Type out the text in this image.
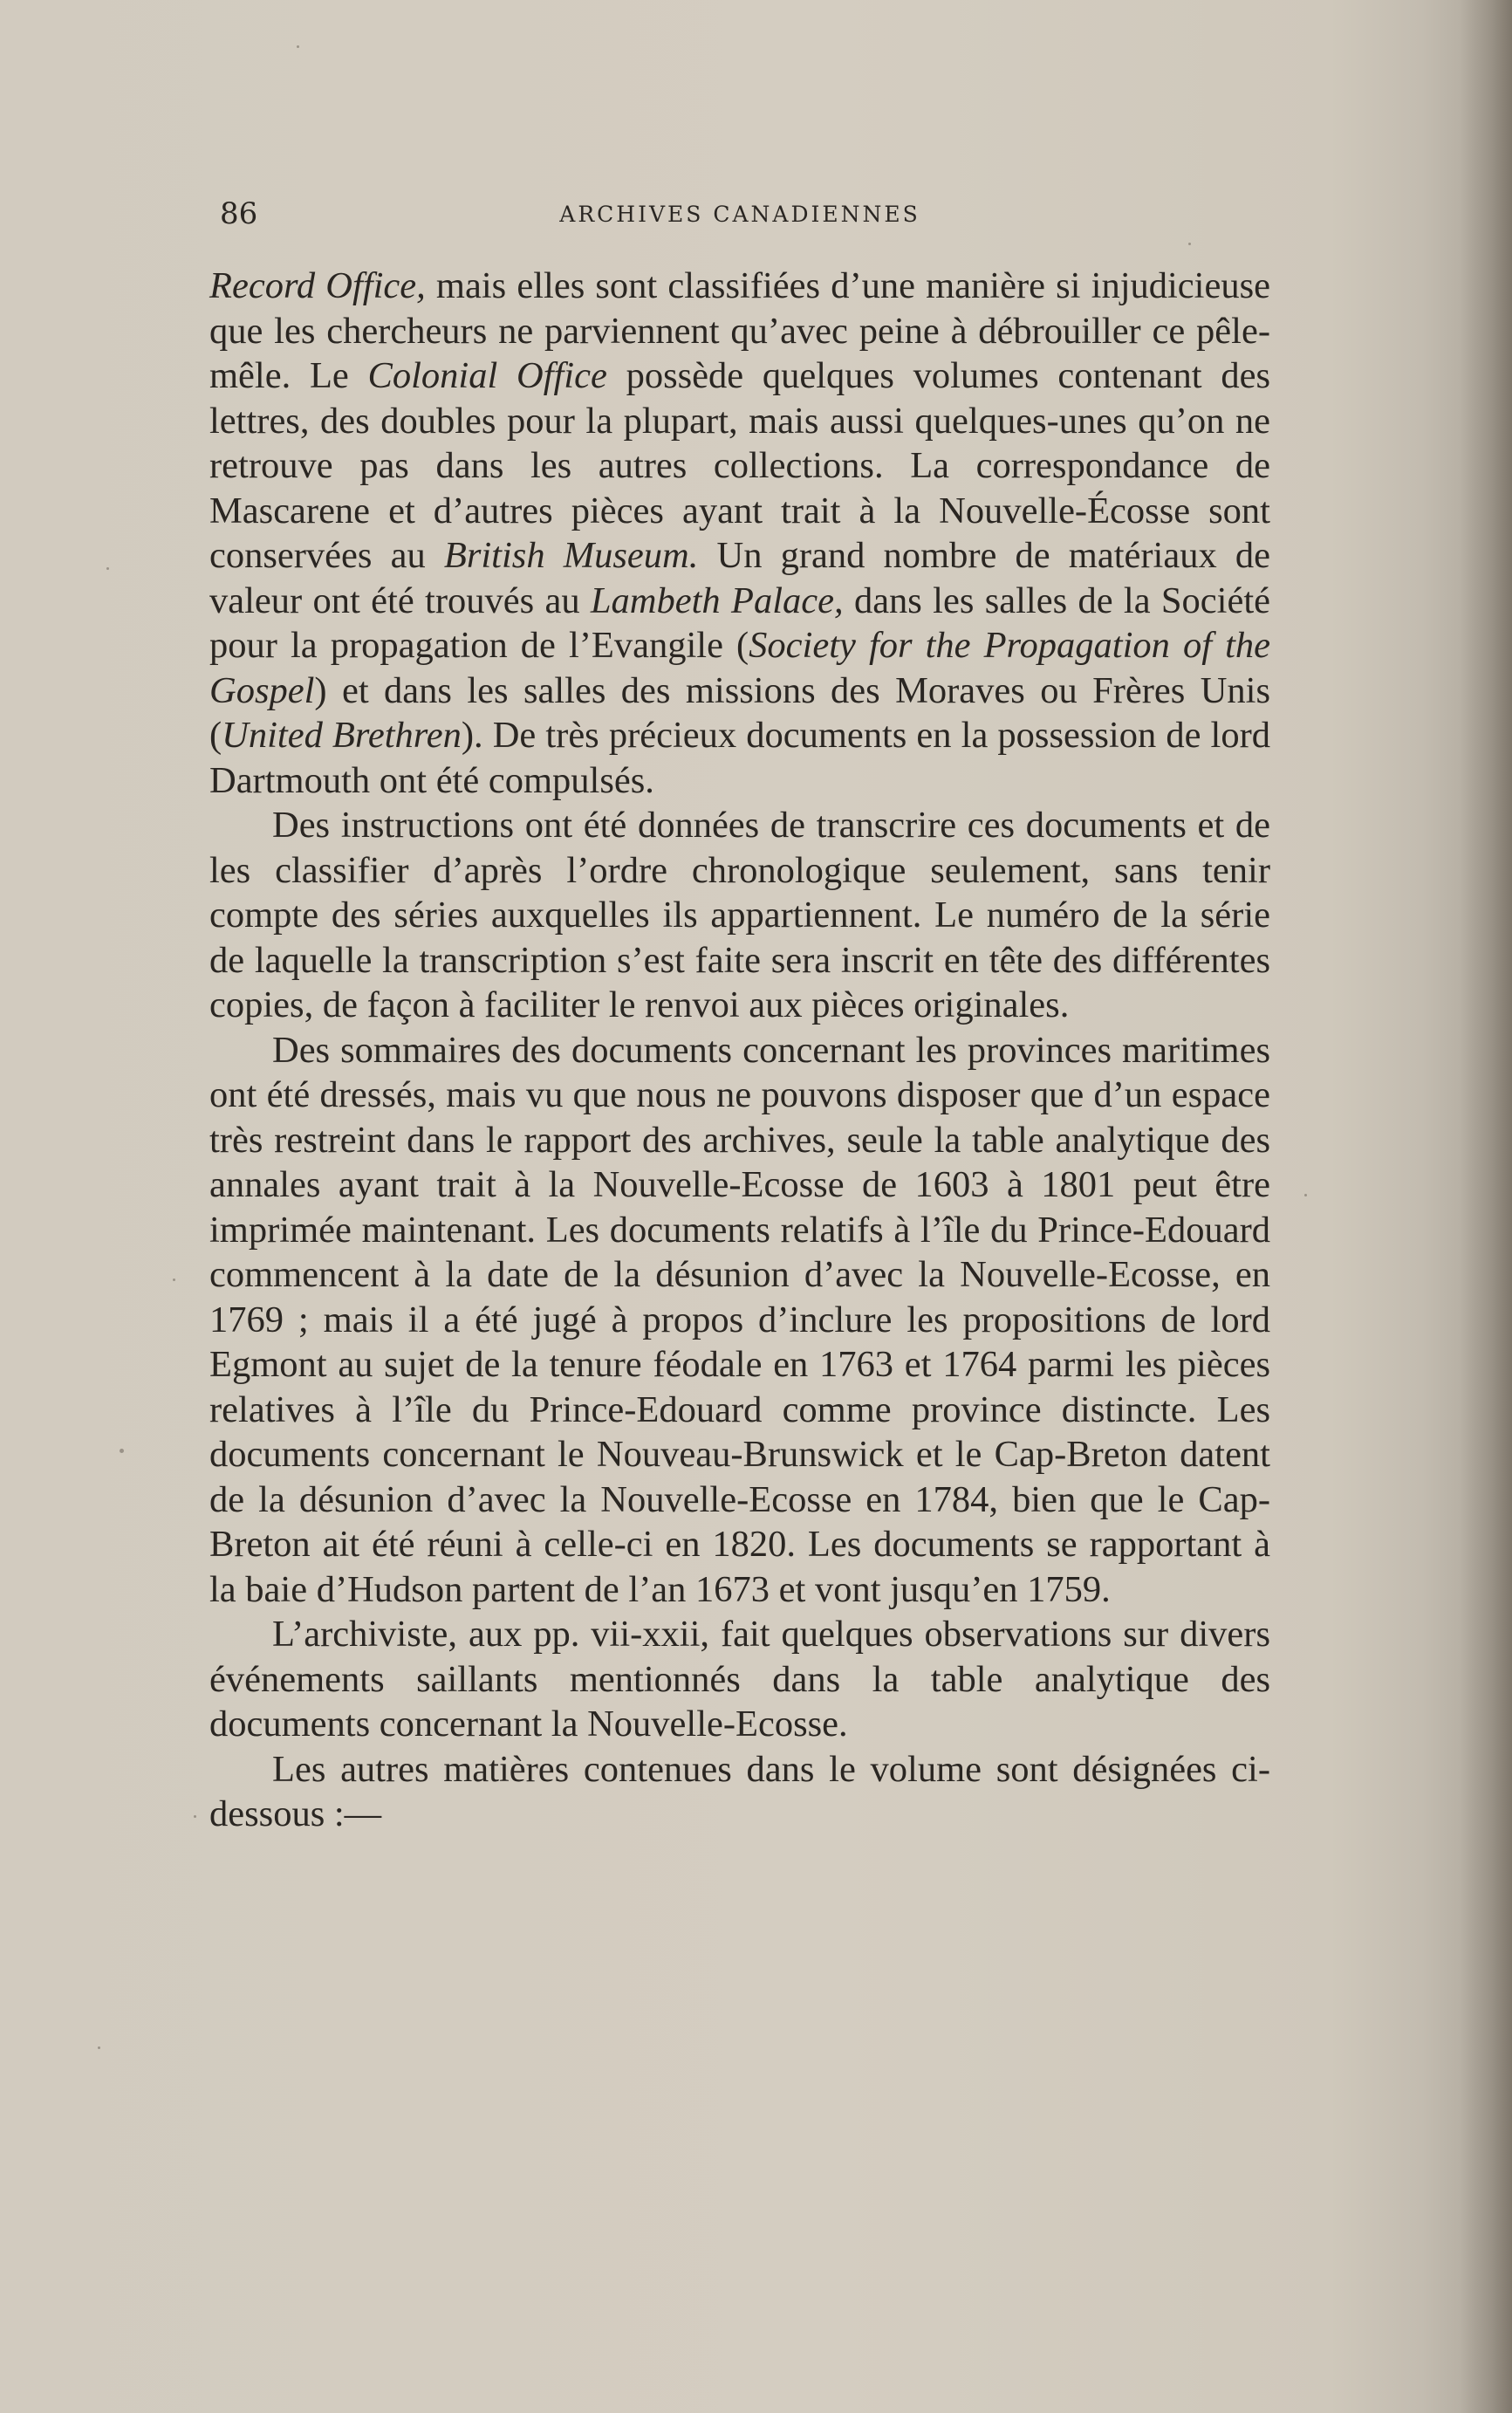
86	ARCHIVES CANADIENNES

Record Office, mais elles sont classifiées d’une manière si injudicieuse que les chercheurs ne parviennent qu’avec peine à débrouiller ce pêle-mêle. Le Colonial Office possède quelques volumes contenant des lettres, des doubles pour la plupart, mais aussi quelques-unes qu’on ne retrouve pas dans les autres collections. La correspondance de Mascarene et d’autres pièces ayant trait à la Nouvelle-Écosse sont conservées au British Museum. Un grand nombre de matériaux de valeur ont été trouvés au Lambeth Palace, dans les salles de la Société pour la propagation de l’Evangile (Society for the Propagation of the Gospel) et dans les salles des missions des Moraves ou Frères Unis (United Brethren). De très précieux documents en la possession de lord Dartmouth ont été compulsés.

Des instructions ont été données de transcrire ces documents et de les classifier d’après l’ordre chronologique seulement, sans tenir compte des séries auxquelles ils appartiennent. Le numéro de la série de laquelle la transcription s’est faite sera inscrit en tête des différentes copies, de façon à faciliter le renvoi aux pièces originales.

Des sommaires des documents concernant les provinces maritimes ont été dressés, mais vu que nous ne pouvons disposer que d’un espace très restreint dans le rapport des archives, seule la table analytique des annales ayant trait à la Nouvelle-Ecosse de 1603 à 1801 peut être imprimée maintenant. Les documents relatifs à l’île du Prince-Edouard commencent à la date de la désunion d’avec la Nouvelle-Ecosse, en 1769 ; mais il a été jugé à propos d’inclure les propositions de lord Egmont au sujet de la tenure féodale en 1763 et 1764 parmi les pièces relatives à l’île du Prince-Edouard comme province distincte. Les documents concernant le Nouveau-Brunswick et le Cap-Breton datent de la désunion d’avec la Nouvelle-Ecosse en 1784, bien que le Cap-Breton ait été réuni à celle-ci en 1820. Les documents se rapportant à la baie d’Hudson partent de l’an 1673 et vont jusqu’en 1759.

L’archiviste, aux pp. vii-xxii, fait quelques observations sur divers événements saillants mentionnés dans la table analytique des documents concernant la Nouvelle-Ecosse.

Les autres matières contenues dans le volume sont désignées ci-dessous :—
